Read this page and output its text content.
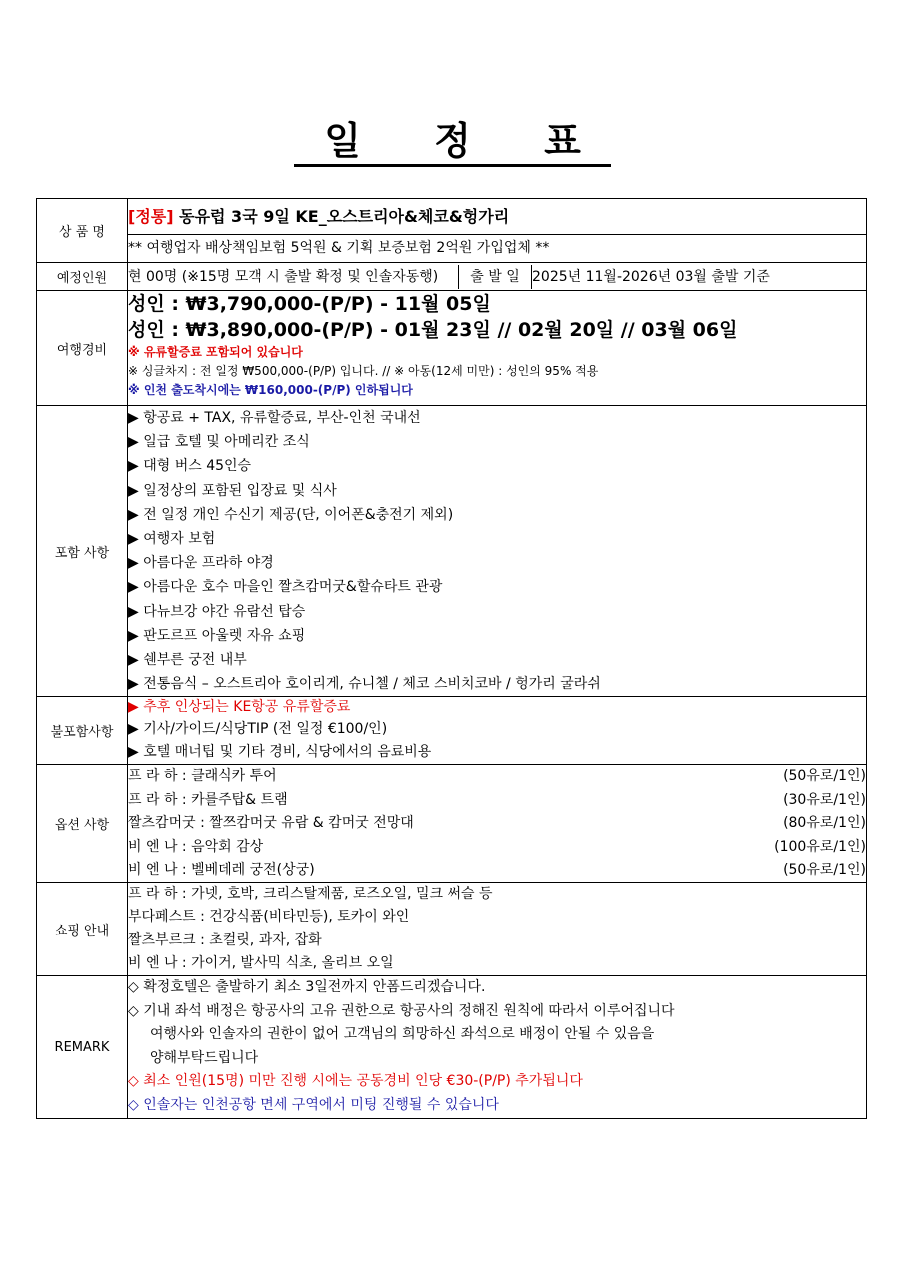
일 정 표
상 품 명	
[정통] 동유럽 3국 9일 KE_오스트리아&체코&헝가리

** 여행업자 배상책임보험 5억원 & 기획 보증보험 2억원 가입업체 **

예정인원	현 00명 (※15명 모객 시 출발 확정 및 인솔자동행)	출 발 일	2025년 11월-2026년 03월 출발 기준

여행경비	
성인 : ₩3,790,000-(P/P) - 11월 05일
성인 : ₩3,890,000-(P/P) - 01월 23일 // 02월 20일 // 03월 06일
※ 유류할증료 포함되어 있습니다
※ 싱글차지 : 전 일정 ₩500,000-(P/P) 입니다. // ※ 아동(12세 미만) : 성인의 95% 적용
※ 인천 출도착시에는 ₩160,000-(P/P) 인하됩니다

포함 사항	
▶ 항공료 + TAX, 유류할증료, 부산-인천 국내선
▶ 일급 호텔 및 아메리칸 조식
▶ 대형 버스 45인승
▶ 일정상의 포함된 입장료 및 식사
▶ 전 일정 개인 수신기 제공(단, 이어폰&충전기 제외)
▶ 여행자 보험
▶ 아름다운 프라하 야경
▶ 아름다운 호수 마을인 짤츠캄머굿&할슈타트 관광
▶ 다뉴브강 야간 유람선 탑승
▶ 판도르프 아울렛 자유 쇼핑
▶ 쉔부른 궁전 내부
▶ 전통음식 – 오스트리아 호이리게, 슈니첼 / 체코 스비치코바 / 헝가리 굴라쉬

불포함사항	
▶ 추후 인상되는 KE항공 유류할증료
▶ 기사/가이드/식당TIP (전 일정 €100/인)
▶ 호텔 매너팁 및 기타 경비, 식당에서의 음료비용

옵션 사항	
프 라 하 : 클래식카 투어	(50유로/1인)
프 라 하 : 카를주탑& 트램	(30유로/1인)
짤츠캄머굿 : 짤쯔캄머굿 유람 & 캄머굿 전망대	(80유로/1인)
비 엔 나 : 음악회 감상	(100유로/1인)
비 엔 나 : 벨베데레 궁전(상궁)	(50유로/1인)

쇼핑 안내	
프 라 하 : 가넷, 호박, 크리스탈제품, 로즈오일, 밀크 써슬 등
부다페스트 : 건강식품(비타민등), 토카이 와인
짤츠부르크 : 초컬릿, 과자, 잡화
비 엔 나 : 가이거, 발사믹 식초, 올리브 오일

REMARK	
◇ 확정호텔은 출발하기 최소 3일전까지 안폼드리겠습니다.
◇ 기내 좌석 배정은 항공사의 고유 권한으로 항공사의 정해진 원칙에 따라서 이루어집니다
여행사와 인솔자의 권한이 없어 고객님의 희망하신 좌석으로 배정이 안될 수 있음을
양해부탁드립니다
◇ 최소 인원(15명) 미만 진행 시에는 공동경비 인당 €30-(P/P) 추가됩니다
◇ 인솔자는 인천공항 면세 구역에서 미팅 진행될 수 있습니다
